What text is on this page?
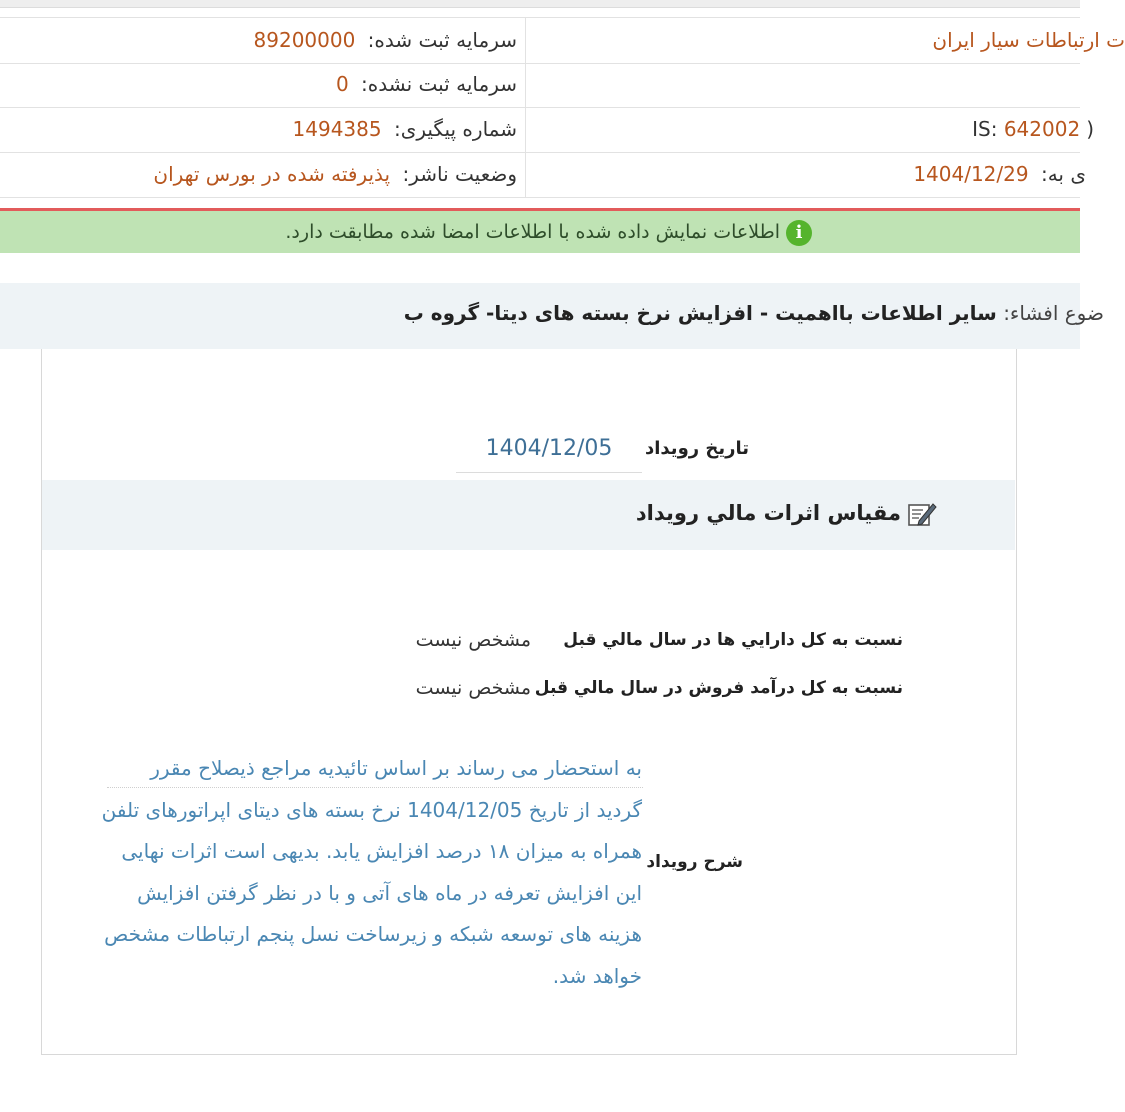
سرمایه ثبت شده: 89200000	ت ارتباطات سیار ایران
سرمایه ثبت نشده: 0
شماره پیگیری: 1494385	(IS: 642002
وضعیت ناشر: پذیرفته شده در بورس تهران	ی به: 1404/12/29
iاطلاعات نمایش داده شده با اطلاعات امضا شده مطابقت دارد.
ضوع افشاء: سایر اطلاعات بااهمیت - افزایش نرخ بسته های دیتا- گروه ب
تاریخ رویداد
1404/12/05
مقیاس اثرات مالي رویداد
نسبت به کل دارايي ها در سال مالي قبل
مشخص نيست
نسبت به کل درآمد فروش در سال مالي قبل
مشخص نيست
شرح رویداد
به استحضار می رساند بر اساس تائیدیه مراجع ذیصلاح مقرر گردید از تاریخ 1404/12/05 نرخ بسته های دیتای اپراتورهای تلفن همراه به میزان ۱۸ درصد افزایش یابد. بدیهی است اثرات نهایی این افزایش تعرفه در ماه های آتی و با در نظر گرفتن افزایش هزینه های توسعه شبکه و زیرساخت نسل پنجم ارتباطات مشخص خواهد شد.
